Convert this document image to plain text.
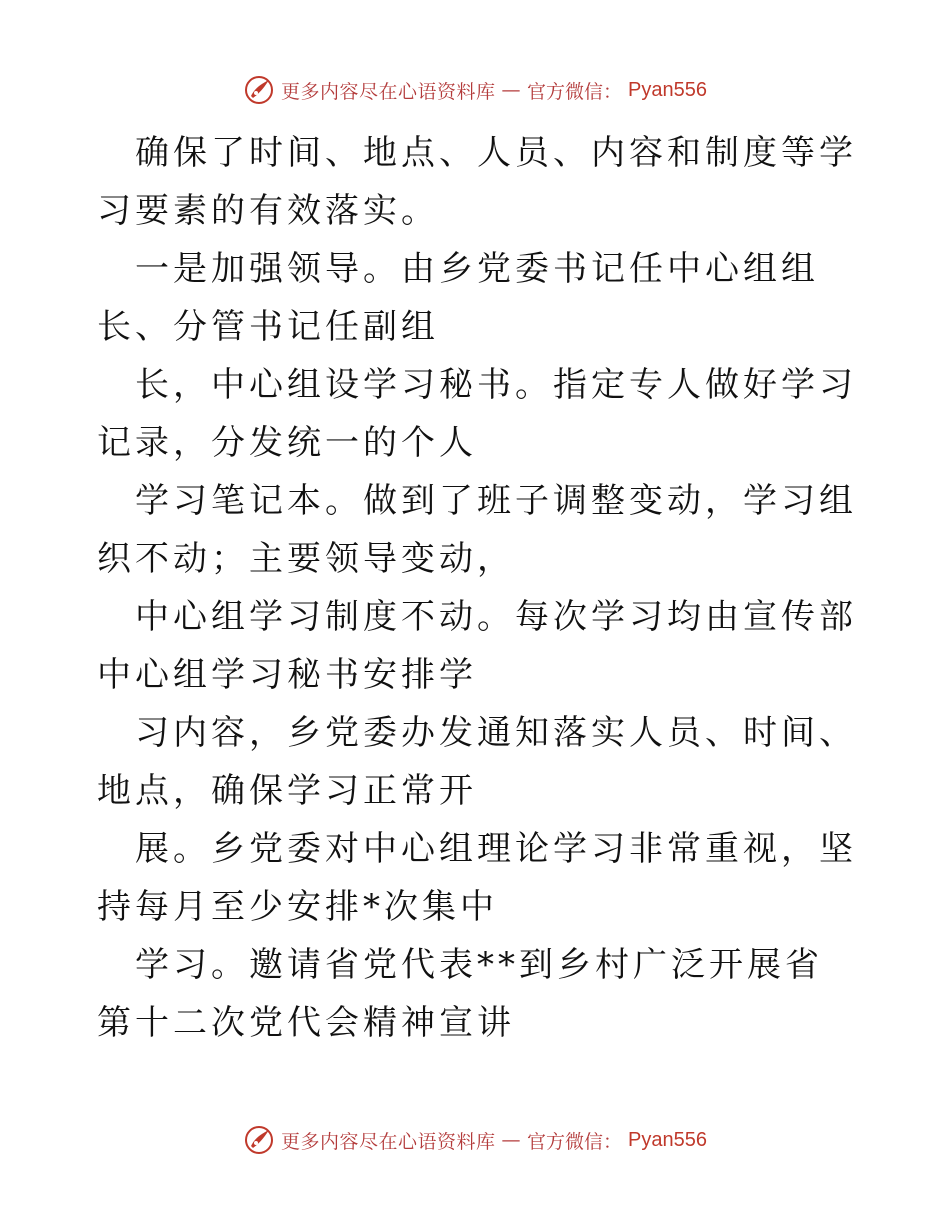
更多内容尽在心语资料库 — 官方微信： Pyan556

确保了时间、地点、人员、内容和制度等学习要素的有效落实。

一是加强领导。由乡党委书记任中心组组长、分管书记任副组

长，中心组设学习秘书。指定专人做好学习记录，分发统一的个人

学习笔记本。做到了班子调整变动，学习组织不动；主要领导变动，

中心组学习制度不动。每次学习均由宣传部中心组学习秘书安排学

习内容，乡党委办发通知落实人员、时间、地点，确保学习正常开

展。乡党委对中心组理论学习非常重视，坚持每月至少安排*次集中

学习。邀请省党代表**到乡村广泛开展省第十二次党代会精神宣讲

更多内容尽在心语资料库 — 官方微信： Pyan556
